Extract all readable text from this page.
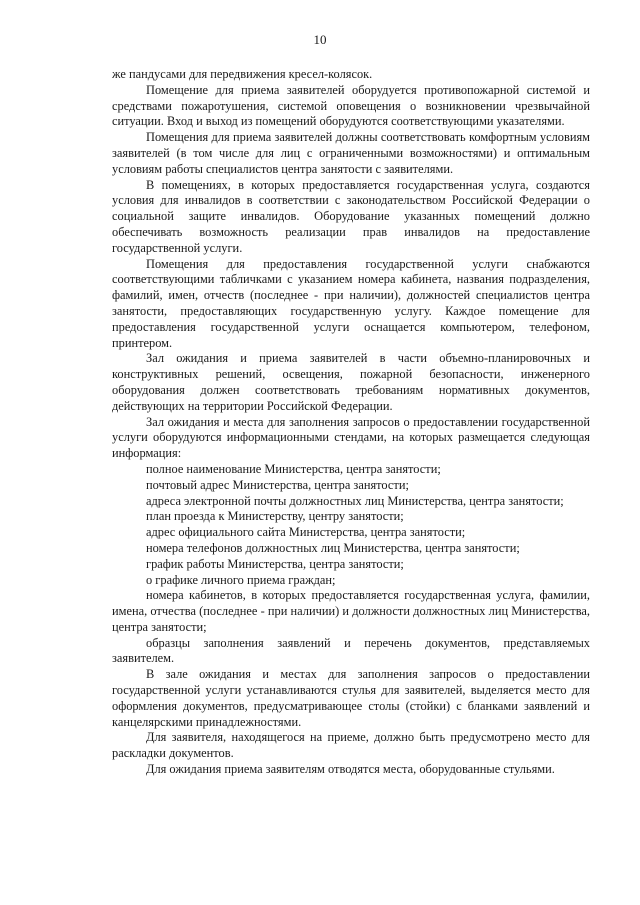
10

же пандусами для передвижения кресел-колясок.

Помещение для приема заявителей оборудуется противопожарной системой и средствами пожаротушения, системой оповещения о возникновении чрезвычайной ситуации. Вход и выход из помещений оборудуются соответствующими указателями.

Помещения для приема заявителей должны соответствовать комфортным условиям заявителей (в том числе для лиц с ограниченными возможностями) и оптимальным условиям работы специалистов центра занятости с заявителями.

В помещениях, в которых предоставляется государственная услуга, создаются условия для инвалидов в соответствии с законодательством Российской Федерации о социальной защите инвалидов. Оборудование указанных помещений должно обеспечивать возможность реализации прав инвалидов на предоставление государственной услуги.

Помещения для предоставления государственной услуги снабжаются соответствующими табличками с указанием номера кабинета, названия подразделения, фамилий, имен, отчеств (последнее - при наличии), должностей специалистов центра занятости, предоставляющих государственную услугу. Каждое помещение для предоставления государственной услуги оснащается компьютером, телефоном, принтером.

Зал ожидания и приема заявителей в части объемно-планировочных и конструктивных решений, освещения, пожарной безопасности, инженерного оборудования должен соответствовать требованиям нормативных документов, действующих на территории Российской Федерации.

Зал ожидания и места для заполнения запросов о предоставлении государственной услуги оборудуются информационными стендами, на которых размещается следующая информация:

полное наименование Министерства, центра занятости;

почтовый адрес Министерства, центра занятости;

адреса электронной почты должностных лиц Министерства, центра занятости;

план проезда к Министерству, центру занятости;

адрес официального сайта Министерства, центра занятости;

номера телефонов должностных лиц Министерства, центра занятости;

график работы Министерства, центра занятости;

о графике личного приема граждан;

номера кабинетов, в которых предоставляется государственная услуга, фамилии, имена, отчества (последнее - при наличии) и должности должностных лиц Министерства, центра занятости;

образцы заполнения заявлений и перечень документов, представляемых заявителем.

В зале ожидания и местах для заполнения запросов о предоставлении государственной услуги устанавливаются стулья для заявителей, выделяется место для оформления документов, предусматривающее столы (стойки) с бланками заявлений и канцелярскими принадлежностями.

Для заявителя, находящегося на приеме, должно быть предусмотрено место для раскладки документов.

Для ожидания приема заявителям отводятся места, оборудованные стульями.
